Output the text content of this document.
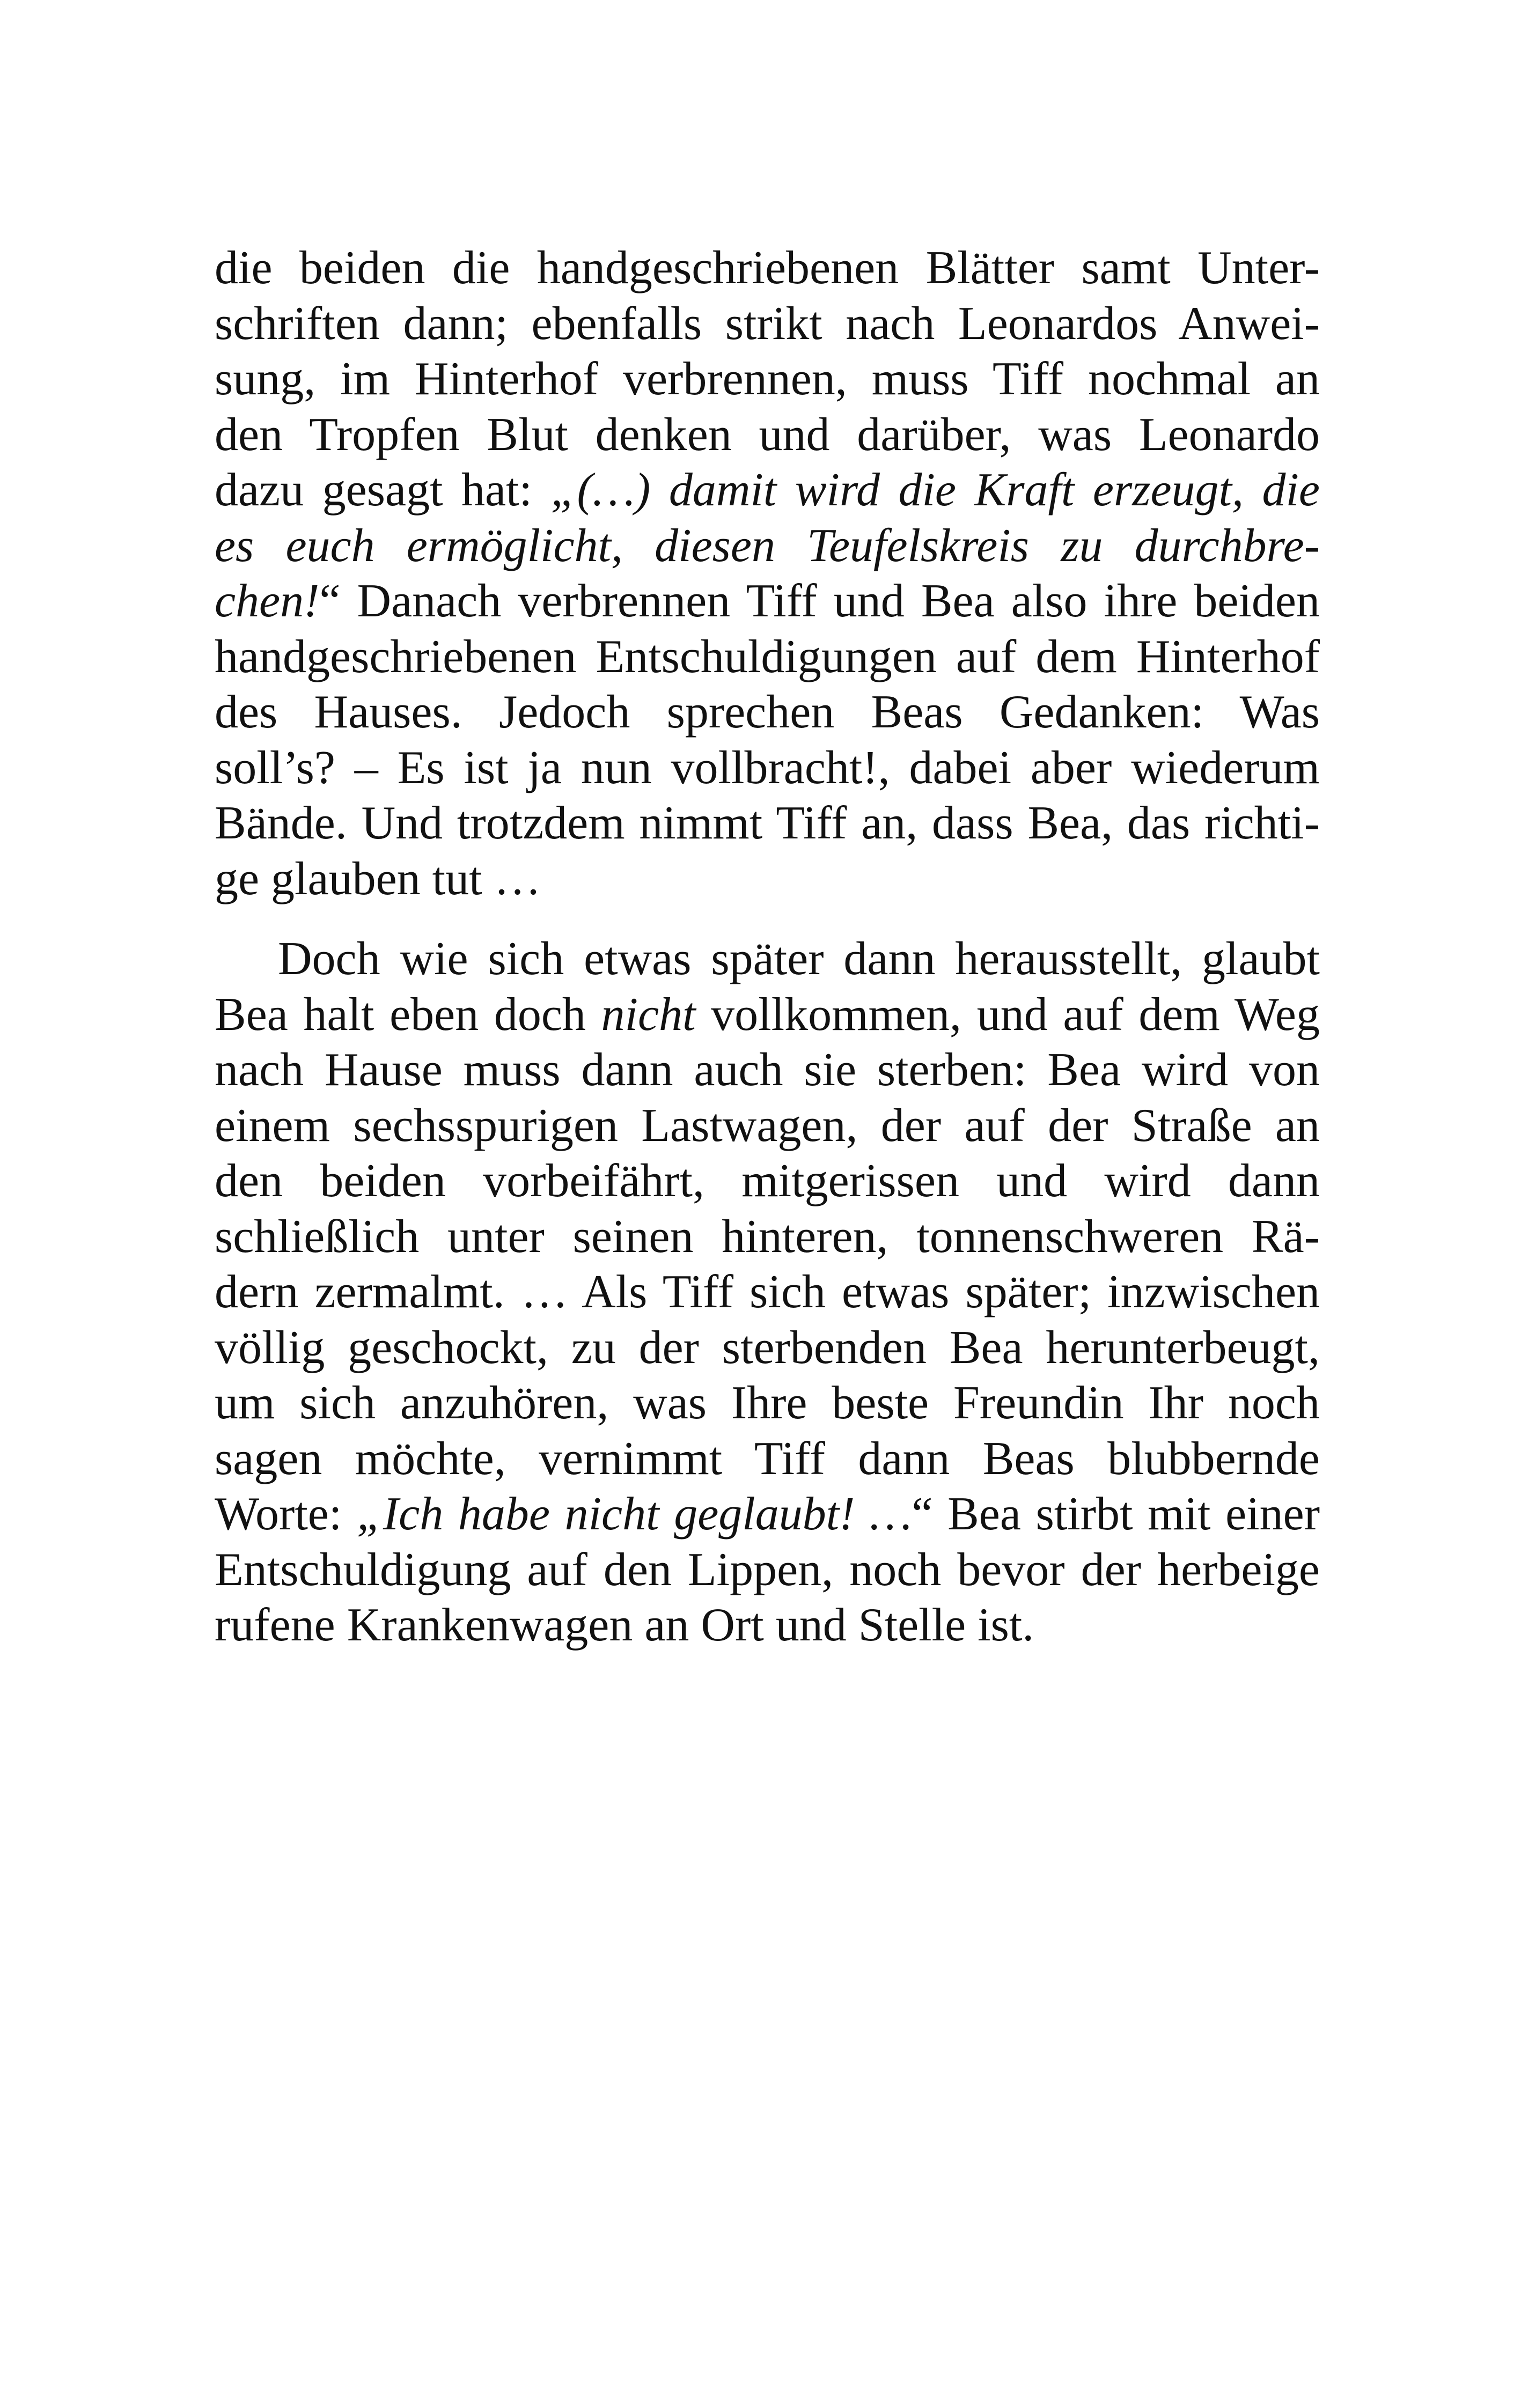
die beiden die handgeschriebenen Blätter samt Unter-
schriften dann; ebenfalls strikt nach Leonardos Anwei-
sung, im Hinterhof verbrennen, muss Tiff nochmal an
den Tropfen Blut denken und darüber, was Leonardo
dazu gesagt hat: „(…) damit wird die Kraft erzeugt, die
es euch ermöglicht, diesen Teufelskreis zu durchbre-
chen!“ Danach verbrennen Tiff und Bea also ihre beiden
handgeschriebenen Entschuldigungen auf dem Hinterhof
des Hauses. Jedoch sprechen Beas Gedanken: Was
soll’s? – Es ist ja nun vollbracht!, dabei aber wiederum
Bände. Und trotzdem nimmt Tiff an, dass Bea, das richti-
ge glauben tut …
Doch wie sich etwas später dann herausstellt, glaubt
Bea halt eben doch nicht vollkommen, und auf dem Weg
nach Hause muss dann auch sie sterben: Bea wird von
einem sechsspurigen Lastwagen, der auf der Straße an
den beiden vorbeifährt, mitgerissen und wird dann
schließlich unter seinen hinteren, tonnenschweren Rä-
dern zermalmt. … Als Tiff sich etwas später; inzwischen
völlig geschockt, zu der sterbenden Bea herunterbeugt,
um sich anzuhören, was Ihre beste Freundin Ihr noch
sagen möchte, vernimmt Tiff dann Beas blubbernde
Worte: „Ich habe nicht geglaubt! …“ Bea stirbt mit einer
Entschuldigung auf den Lippen, noch bevor der herbeige
rufene Krankenwagen an Ort und Stelle ist.
